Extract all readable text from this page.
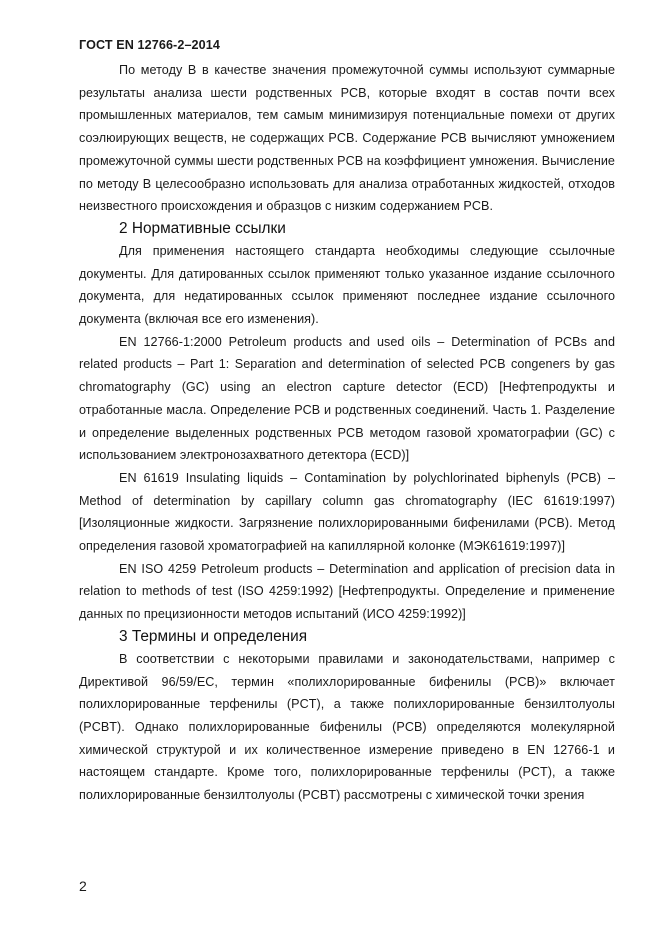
ГОСТ EN 12766-2–2014

По методу В в качестве значения промежуточной суммы используют суммарные результаты анализа шести родственных PCB, которые входят в состав почти всех промышленных материалов, тем самым минимизируя потенциальные помехи от других соэлюирующих веществ, не содержащих PCB. Содержание PCB вычисляют умножением промежуточной суммы шести родственных PCB на коэффициент умножения. Вычисление по методу В целесообразно использовать для анализа отработанных жидкостей, отходов неизвестного происхождения и образцов с низким содержанием PCB.

2 Нормативные ссылки

Для применения настоящего стандарта необходимы следующие ссылочные документы. Для датированных ссылок применяют только указанное издание ссылочного документа, для недатированных ссылок применяют последнее издание ссылочного документа (включая все его изменения).

EN 12766-1:2000 Petroleum products and used oils – Determination of PCBs and related products – Part 1: Separation and determination of selected PCB congeners by gas chromatography (GC) using an electron capture detector (ECD) [Нефтепродукты и отработанные масла. Определение PCB и родственных соединений. Часть 1. Разделение и определение выделенных родственных PCB методом газовой хроматографии (GC) с использованием электронозахватного детектора (ECD)]

EN 61619 Insulating liquids – Contamination by polychlorinated biphenyls (PCB) – Method of determination by capillary column gas chromatography (IEC 61619:1997) [Изоляционные жидкости. Загрязнение полихлорированными бифенилами (PCB). Метод определения газовой хроматографией на капиллярной колонке (МЭК61619:1997)]

EN ISO 4259 Petroleum products – Determination and application of precision data in relation to methods of test (ISO 4259:1992) [Нефтепродукты. Определение и применение данных по прецизионности методов испытаний (ИСО 4259:1992)]

3 Термины и определения

В соответствии с некоторыми правилами и законодательствами, например с Директивой 96/59/EC, термин «полихлорированные бифенилы (PCB)» включает полихлорированные терфенилы (PCT), а также полихлорированные бензилтолуолы (PCBT). Однако полихлорированные бифенилы (PCB) определяются молекулярной химической структурой и их количественное измерение приведено в EN 12766-1 и настоящем стандарте. Кроме того, полихлорированные терфенилы (PCT), а также полихлорированные бензилтолуолы (PCBT) рассмотрены с химической точки зрения

2
